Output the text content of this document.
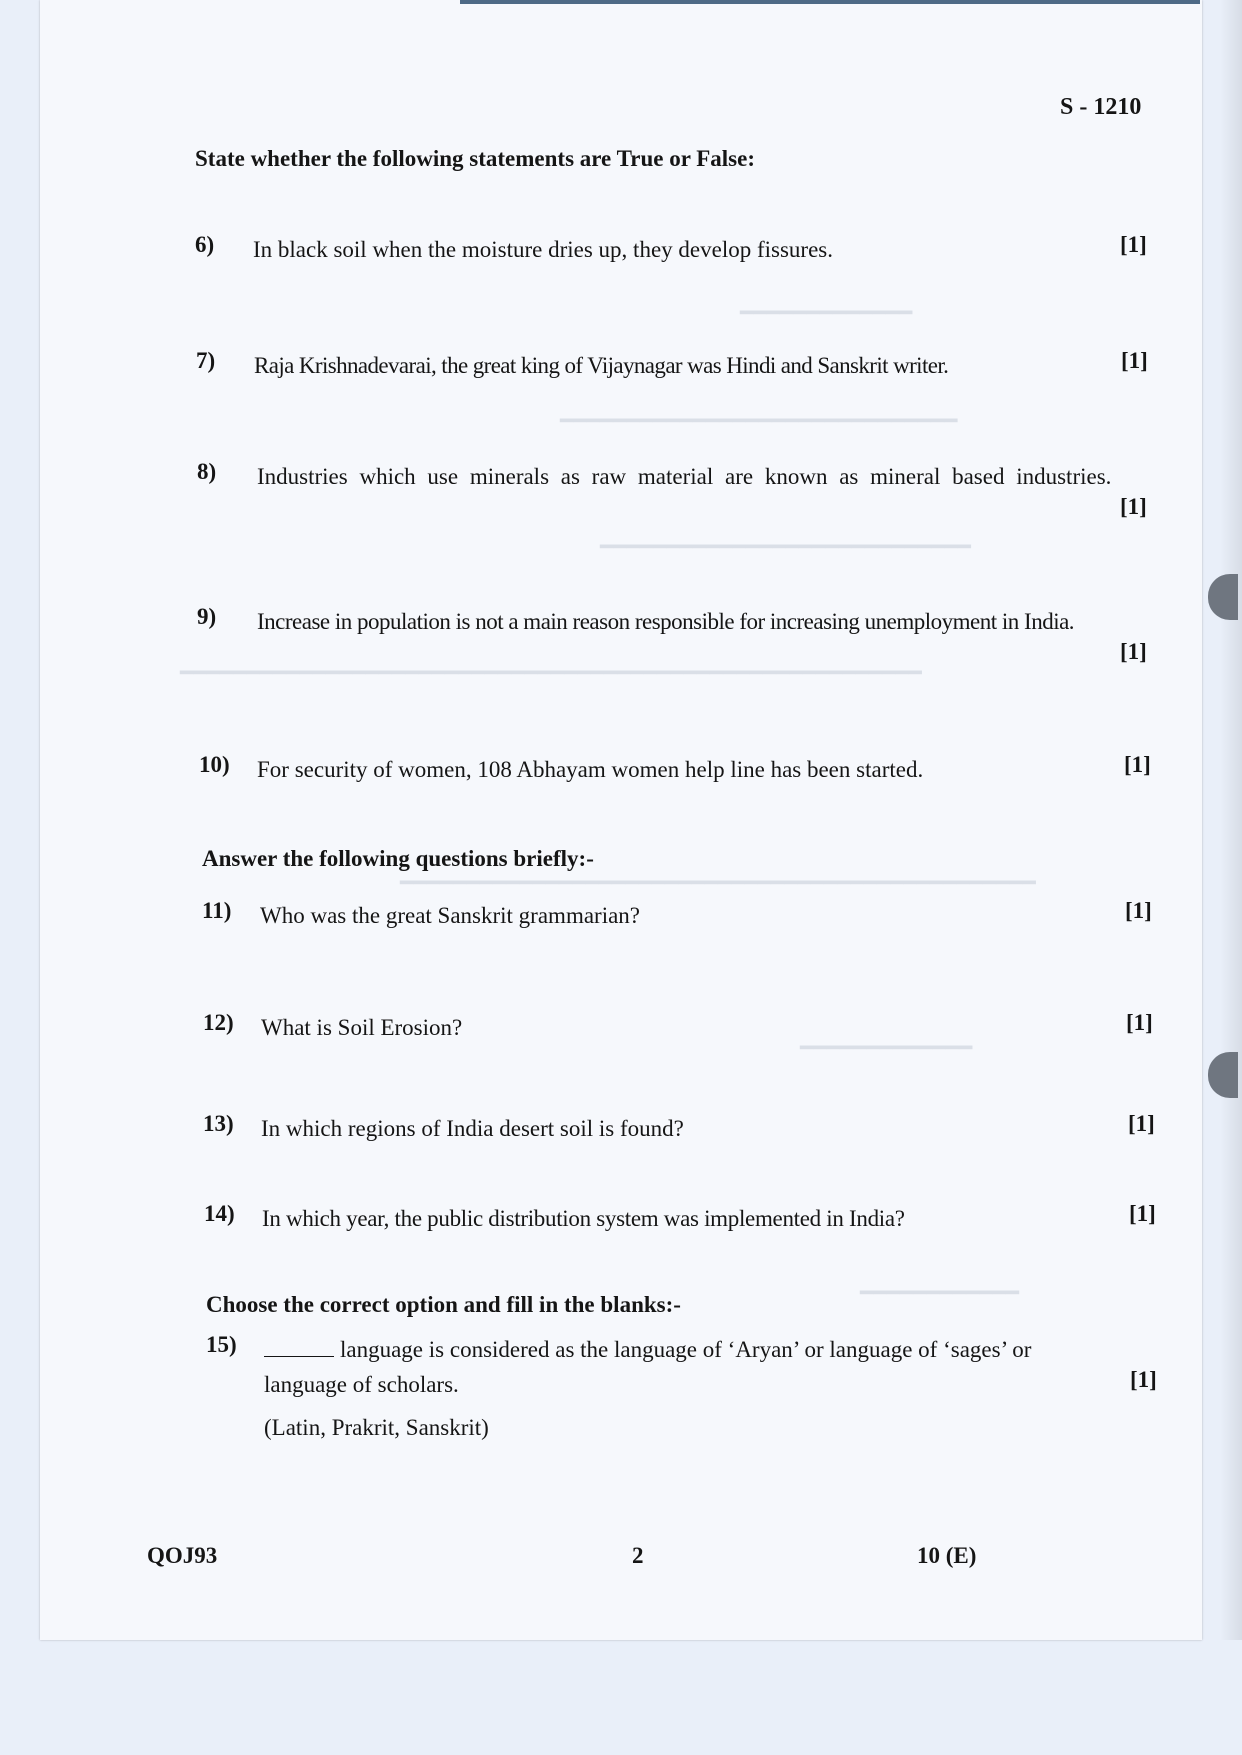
━━━━━━━━━━━━━
━━━━━━━━━━━━━━━━━━━━━━━━━━━━━━
━━━━━━━━━━━━━━━━━━━━━━━━━━━━
━━━━━━━━━━━━━━━━━━━━━━━━━━━━━━━━━━━━━━━━━━━━━━━━━━━━━━━━
━━━━━━━━━━━━━━━━━━━━━━━━━━━━━━━━━━━━━━━━━━━━━━━━
━━━━━━━━━━━━━
━━━━━━━━━━━━
S - 1210
State whether the following statements are True or False:
6) In black soil when the moisture dries up, they develop fissures.	[1]
7) Raja Krishnadevarai, the great king of Vijaynagar was Hindi and Sanskrit writer.	[1]
8) Industries which use minerals as raw material are known as mineral based industries.
[1]
9) Increase in population is not a main reason responsible for increasing unemployment in India.
[1]
10) For security of women, 108 Abhayam women help line has been started.	[1]
Answer the following questions briefly:-
11) Who was the great Sanskrit grammarian?	[1]
12) What is Soil Erosion?	[1]
13) In which regions of India desert soil is found?	[1]
14) In which year, the public distribution system was implemented in India?	[1]
Choose the correct option and fill in the blanks:-
15)	language is considered as the language of ‘Aryan’ or language of ‘sages’ or
language of scholars.
(Latin, Prakrit, Sanskrit)
[1]
QOJ93	2	10 (E)
